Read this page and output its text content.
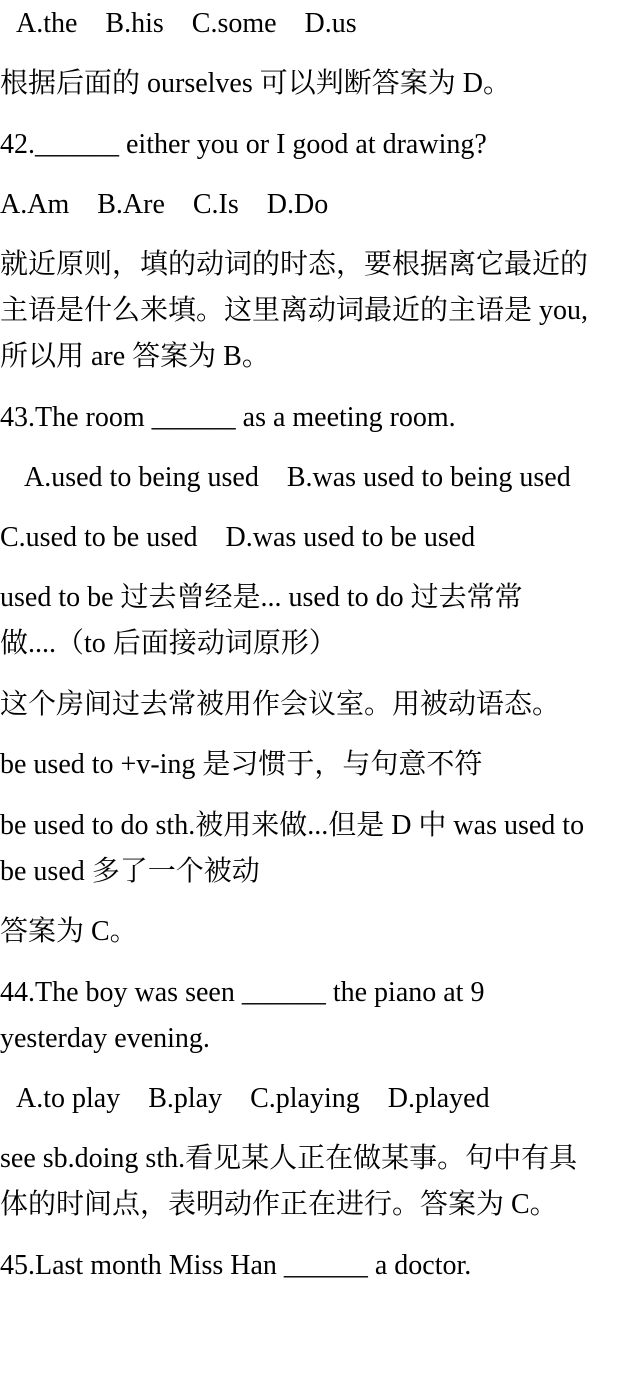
A.the　B.his　C.some　D.us
根据后面的 ourselves 可以判断答案为 D。
42.______ either you or I good at drawing?
A.Am　B.Are　C.Is　D.Do
就近原则，填的动词的时态，要根据离它最近的
主语是什么来填。这里离动词最近的主语是 you,
所以用 are 答案为 B。
43.The room ______ as a meeting room.
A.used to being used　B.was used to being used
C.used to be used　D.was used to be used
used to be 过去曾经是... used to do 过去常常
做....（to 后面接动词原形）
这个房间过去常被用作会议室。用被动语态。
be used to +v-ing 是习惯于，与句意不符
be used to do sth.被用来做...但是 D 中 was used to
be used 多了一个被动
答案为 C。
44.The boy was seen ______ the piano at 9
yesterday evening.
A.to play　B.play　C.playing　D.played
see sb.doing sth.看见某人正在做某事。句中有具
体的时间点，表明动作正在进行。答案为 C。
45.Last month Miss Han ______ a doctor.
